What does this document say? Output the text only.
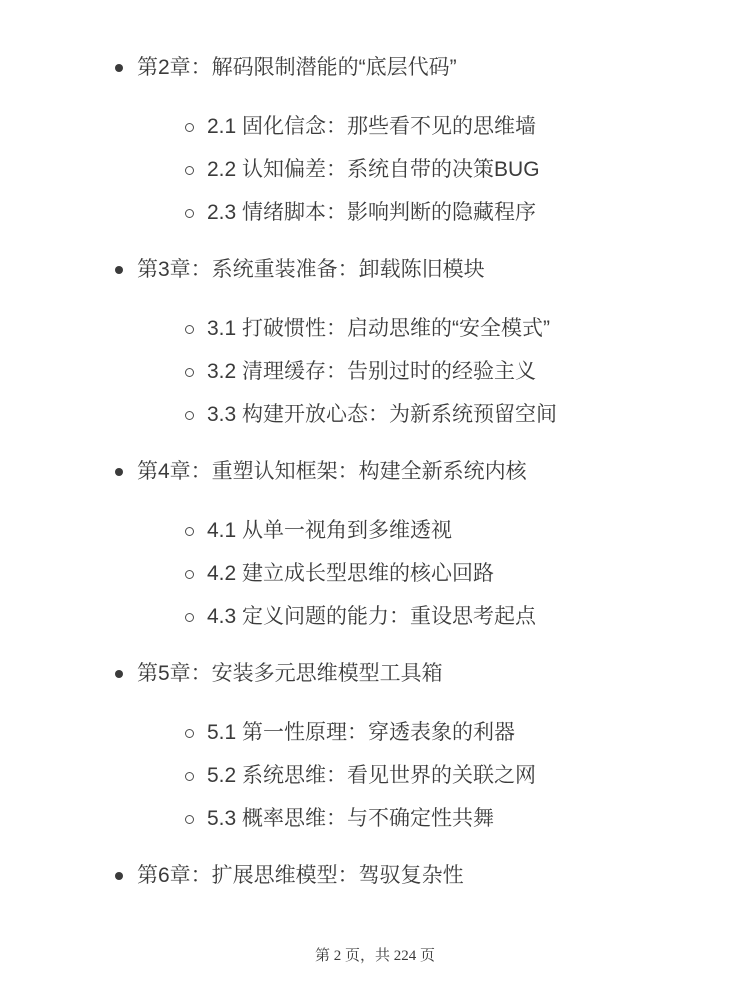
第2章：解码限制潜能的“底层代码”
2.1 固化信念：那些看不见的思维墙
2.2 认知偏差：系统自带的决策BUG
2.3 情绪脚本：影响判断的隐藏程序
第3章：系统重装准备：卸载陈旧模块
3.1 打破惯性：启动思维的“安全模式”
3.2 清理缓存：告别过时的经验主义
3.3 构建开放心态：为新系统预留空间
第4章：重塑认知框架：构建全新系统内核
4.1 从单一视角到多维透视
4.2 建立成长型思维的核心回路
4.3 定义问题的能力：重设思考起点
第5章：安装多元思维模型工具箱
5.1 第一性原理：穿透表象的利器
5.2 系统思维：看见世界的关联之网
5.3 概率思维：与不确定性共舞
第6章：扩展思维模型：驾驭复杂性
第 2 页，共 224 页
